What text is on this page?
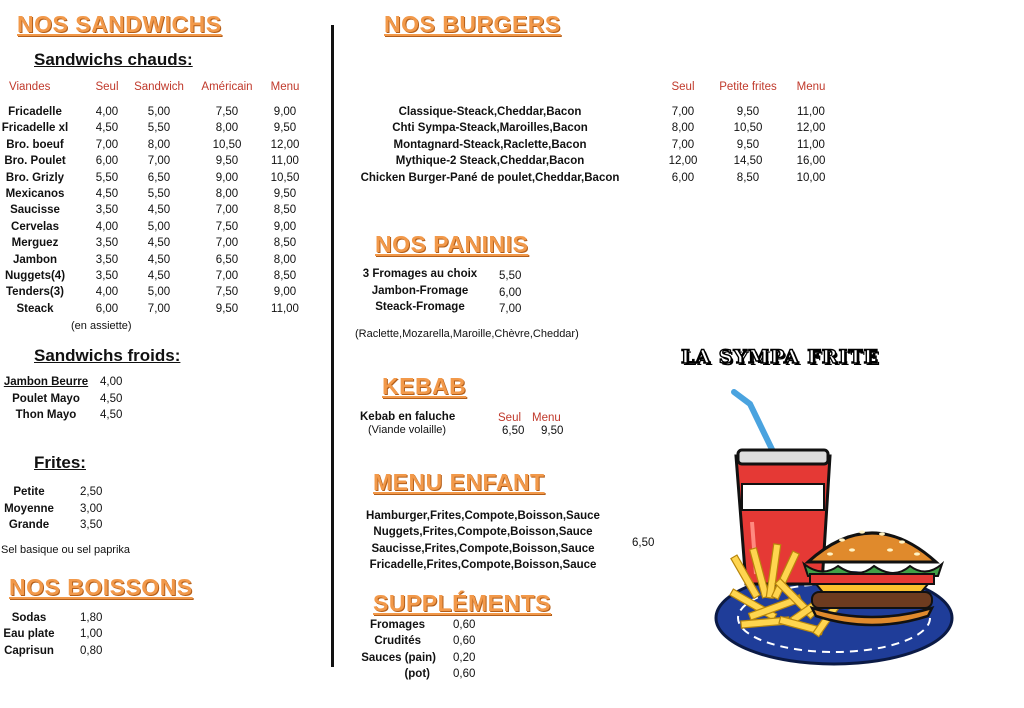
NOS SANDWICHS
Sandwichs chauds:
Viandes	Seul	Sandwich	Américain	Menu
Fricadelle	4,00	5,00	7,50	9,00
Fricadelle xl	4,50	5,50	8,00	9,50
Bro. boeuf	7,00	8,00	10,50	12,00
Bro. Poulet	6,00	7,00	9,50	11,00
Bro. Grizly	5,50	6,50	9,00	10,50
Mexicanos	4,50	5,50	8,00	9,50
Saucisse	3,50	4,50	7,00	8,50
Cervelas	4,00	5,00	7,50	9,00
Merguez	3,50	4,50	7,00	8,50
Jambon	3,50	4,50	6,50	8,00
Nuggets(4)	3,50	4,50	7,00	8,50
Tenders(3)	4,00	5,00	7,50	9,00
Steack	6,00	7,00	9,50	11,00
(en assiette)
Sandwichs froids:
Jambon Beurre	4,00
Poulet Mayo	4,50
Thon Mayo	4,50
Frites:
Petite	2,50
Moyenne	3,00
Grande	3,50
Sel basique ou sel paprika
NOS BOISSONS
Sodas	1,80
Eau plate 1,00
Caprisun	0,80
NOS BURGERS
Seul	Petite frites	Menu
Classique-Steack,Cheddar,Bacon	7,00	9,50	11,00
Chti Sympa-Steack,Maroilles,Bacon	8,00	10,50	12,00
Montagnard-Steack,Raclette,Bacon	7,00	9,50	11,00
Mythique-2 Steack,Cheddar,Bacon	12,00	14,50	16,00
Chicken Burger-Pané de poulet,Cheddar,Bacon	6,00	8,50	10,00
NOS PANINIS
3 Fromages au choix	5,50
Jambon-Fromage	6,00
Steack-Fromage	7,00
(Raclette,Mozarella,Maroille,Chèvre,Cheddar)
KEBAB
Kebab en faluche
(Viande volaille)
Seul Menu
6,50 9,50
MENU ENFANT
Hamburger,Frites,Compote,Boisson,Sauce
Nuggets,Frites,Compote,Boisson,Sauce
Saucisse,Frites,Compote,Boisson,Sauce
Fricadelle,Frites,Compote,Boisson,Sauce
6,50
SUPPLÉMENTS
Fromages 0,60
Crudités	0,60
Sauces (pain) 0,20
(pot) 0,60
LA SYMPA FRITE
